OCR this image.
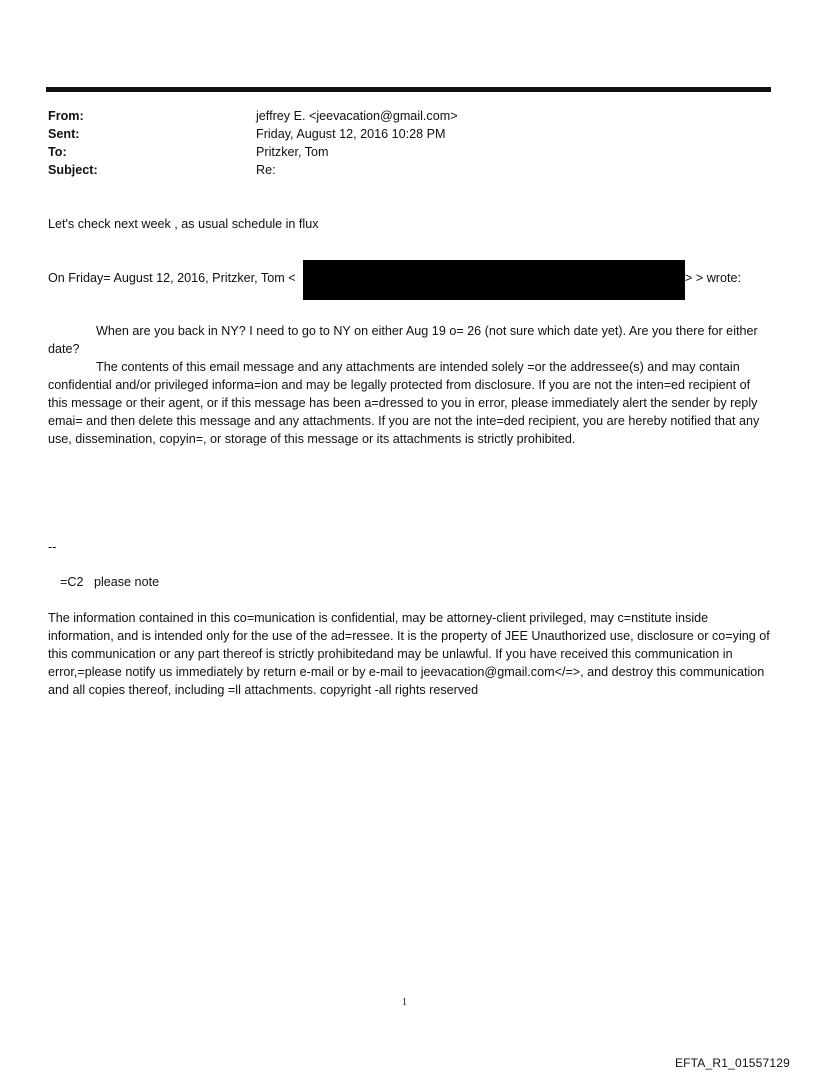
From:	jeffrey E. <jeevacation@gmail.com>
Sent:	Friday, August 12, 2016 10:28 PM
To:	Pritzker, Tom
Subject:	Re:
Let's check next week , as usual schedule in flux
On Friday= August 12, 2016, Pritzker, Tom <	> > wrote:

When are you back in NY? I need to go to NY on either Aug 19 o= 26 (not sure which date yet). Are you there for either date?

The contents of this email message and any attachments are intended solely =or the addressee(s) and may contain confidential and/or privileged informa=ion and may be legally protected from disclosure. If you are not the inten=ed recipient of this message or their agent, or if this message has been a=dressed to you in error, please immediately alert the sender by reply emai= and then delete this message and any attachments. If you are not the inte=ded recipient, you are hereby notified that any use, dissemination, copyin=, or storage of this message or its attachments is strictly prohibited.

--
=C2   please note
The information contained in this co=munication is confidential, may be attorney-client privileged, may c=nstitute inside information, and is intended only for the use of the ad=ressee. It is the property of JEE Unauthorized use, disclosure or co=ying of this communication or any part thereof is strictly prohibitedand may be unlawful. If you have received this communication in error,=please notify us immediately by return e-mail or by e-mail to jeevacation@gmail.com</=>, and destroy this communication and all copies thereof, including =ll attachments. copyright -all rights reserved
1
EFTA_R1_01557129
